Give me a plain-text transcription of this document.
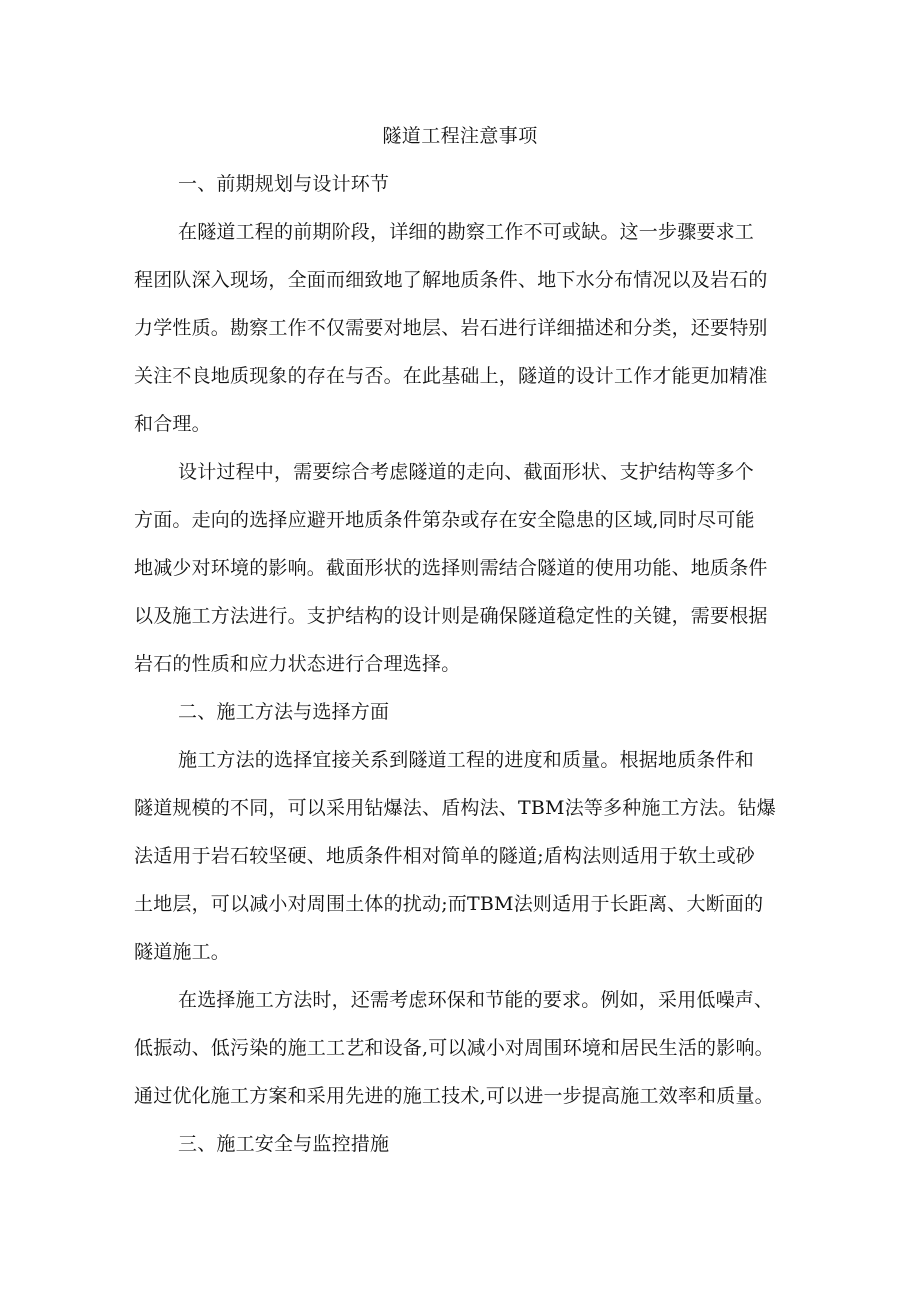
隧道工程注意事项
一、前期规划与设计环节
在隧道工程的前期阶段，详细的勘察工作不可或缺。这一步骤要求工
程团队深入现场，全面而细致地了解地质条件、地下水分布情况以及岩石的
力学性质。勘察工作不仅需要对地层、岩石进行详细描述和分类，还要特别
关注不良地质现象的存在与否。在此基础上，隧道的设计工作才能更加精准
和合理。
设计过程中，需要综合考虑隧道的走向、截面形状、支护结构等多个
方面。走向的选择应避开地质条件第杂或存在安全隐患的区域,同时尽可能
地减少对环境的影响。截面形状的选择则需结合隧道的使用功能、地质条件
以及施工方法进行。支护结构的设计则是确保隧道稳定性的关键，需要根据
岩石的性质和应力状态进行合理选择。
二、施工方法与选择方面
施工方法的选择宜接关系到隧道工程的进度和质量。根据地质条件和
隧道规模的不同，可以采用钻爆法、盾构法、TBM法等多种施工方法。钻爆
法适用于岩石较坚硬、地质条件相对简单的隧道;盾构法则适用于软土或砂
土地层，可以减小对周围土体的扰动;而TBM法则适用于长距离、大断面的
隧道施工。
在选择施工方法时，还需考虑环保和节能的要求。例如，采用低噪声、
低振动、低污染的施工工艺和设备,可以减小对周围环境和居民生活的影响。
通过优化施工方案和采用先进的施工技术,可以进一步提高施工效率和质量。
三、施工安全与监控措施
